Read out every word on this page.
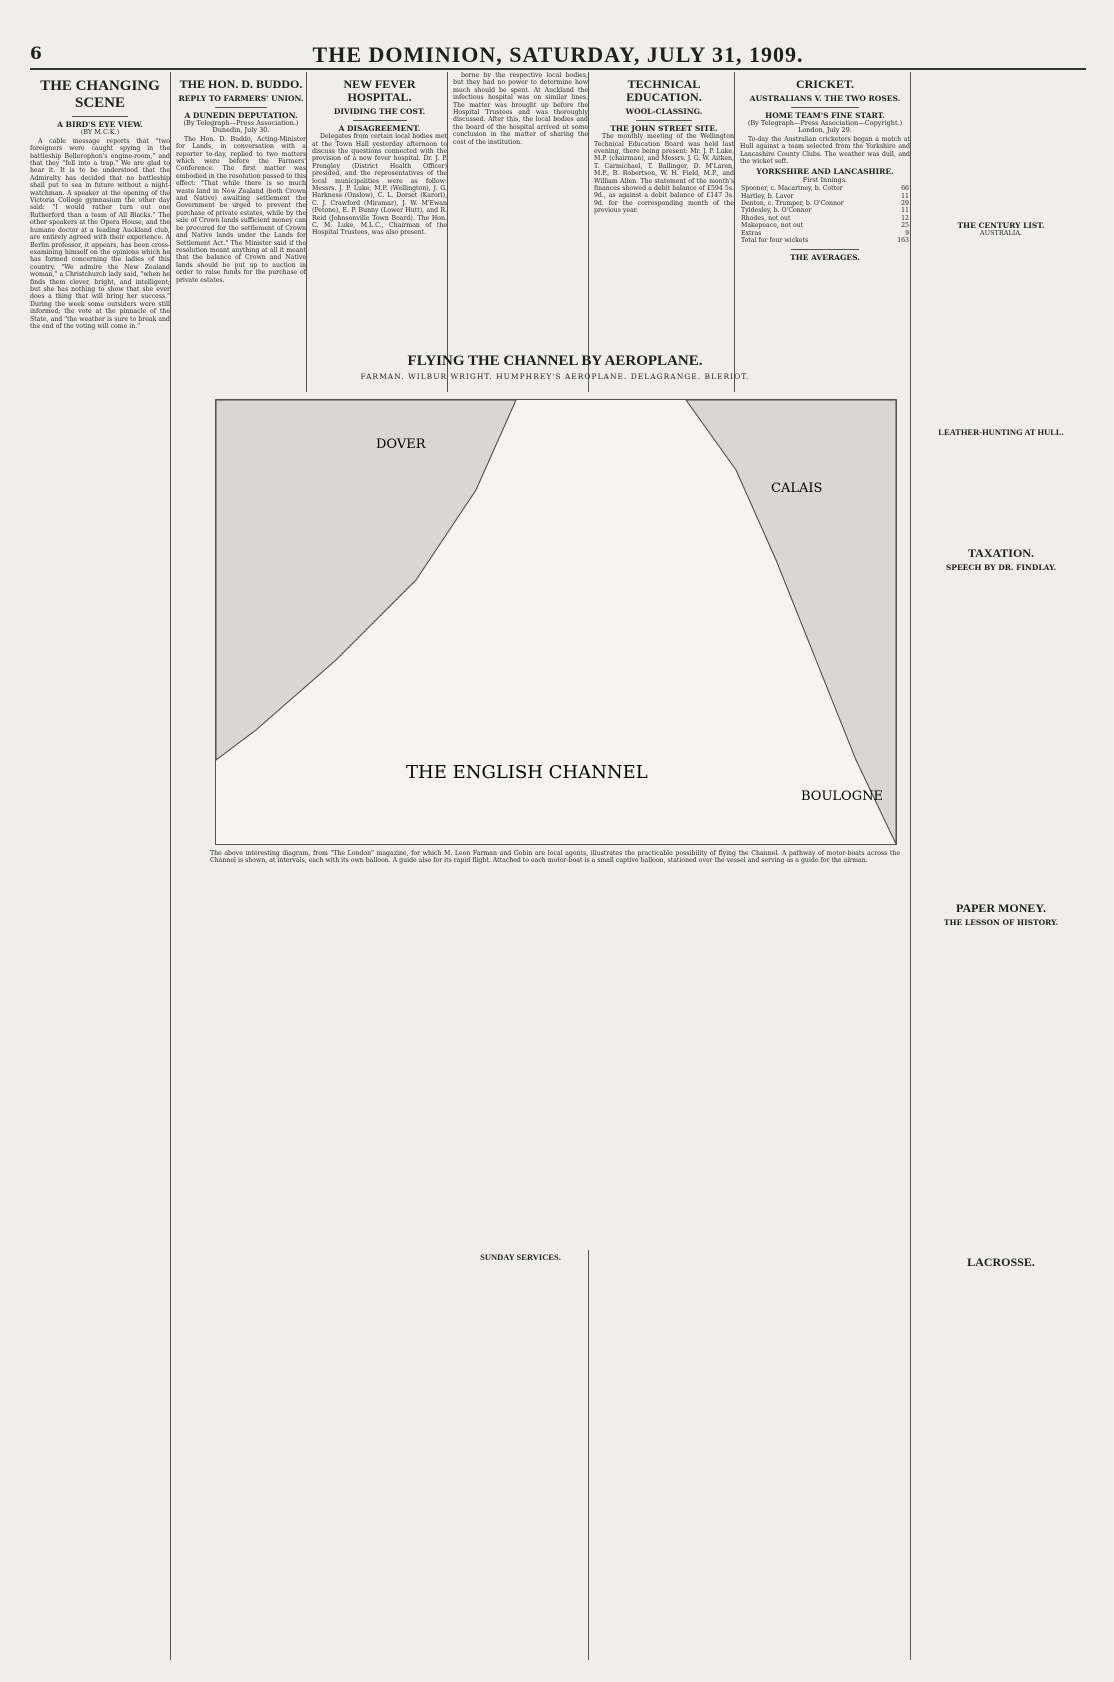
6	THE DOMINION, SATURDAY, JULY 31, 1909.
THE CHANGING SCENE
A BIRD'S EYE VIEW.
(BY M.C.K.)

A cable message reports that "two foreigners were caught spying in the battleship Bellerophon's engine-room," and that they "fell into a trap." We are glad to hear it. It is to be understood that the Admiralty has decided that no battleship shall put to sea in future without a night-watchman. A speaker at the opening of the Victoria College gymnasium the other day said: "I would rather turn out one Rutherford than a team of All Blacks." The other speakers at the Opera House, and the humane doctor at a leading Auckland club, are entirely agreed with their experience. A Berlin professor, it appears, has been cross-examining himself on the opinions which he has formed concerning the ladies of this country. "We admire the New Zealand woman," a Christchurch lady said, "when he finds them clever, bright, and intelligent; but she has nothing to show that she ever does a thing that will bring her success." During the week some outsiders were still informed: the vote at the pinnacle of the State, and "the weather is sure to break and the end of the voting will come in."

THE HON. D. BUDDO.
REPLY TO FARMERS' UNION.
A DUNEDIN DEPUTATION.
(By Telegraph—Press Association.) Dunedin, July 30.

The Hon. D. Buddo, Acting-Minister for Lands, in conversation with a reporter to-day, replied to two matters which were before the Farmers' Conference. The first matter was embodied in the resolution passed to this effect: "That while there is so much waste land in New Zealand (both Crown and Native) awaiting settlement the Government be urged to prevent the purchase of private estates, while by the sale of Crown lands sufficient money can be procured for the settlement of Crown and Native lands under the Lands for Settlement Act." The Minister said if the resolution meant anything at all it meant that the balance of Crown and Native lands should be put up to auction in order to raise funds for the purchase of private estates.

NEW FEVER HOSPITAL.
DIVIDING THE COST.
A DISAGREEMENT.

Delegates from certain local bodies met at the Town Hall yesterday afternoon to discuss the questions connected with the provision of a new fever hospital. Dr. J. P. Frengley (District Health Officer) presided, and the representatives of the local municipalities were as follow: Messrs. J. P. Luke, M.P. (Wellington), J. G. Harkness (Onslow), C. L. Dorset (Karori), C. J. Crawford (Miramar), J. W. M'Ewan (Petone), E. P. Bunny (Lower Hutt), and R. Reid (Johnsonville Town Board). The Hon. C. M. Luke, M.L.C., Chairman of the Hospital Trustees, was also present.

borne by the respective local bodies, but they had no power to determine how much should be spent. At Auckland the infectious hospital was on similar lines. The matter was brought up before the Hospital Trustees and was thoroughly discussed. After this, the local bodies and the board of the hospital arrived at some conclusion in the matter of sharing the cost of the institution.

TECHNICAL EDUCATION.
WOOL-CLASSING.
THE JOHN STREET SITE.

The monthly meeting of the Wellington Technical Education Board was held last evening, there being present: Mr. J. P. Luke, M.P. (chairman), and Messrs. J. G. W. Aitken, T. Carmichael, T. Ballinger, D. M'Laren, M.P., B. Robertson, W. H. Field, M.P., and William Allen. The statement of the month's finances showed a debit balance of £594 5s. 9d., as against a debit balance of £147 3s. 9d. for the corresponding month of the previous year.

CRICKET.
AUSTRALIANS V. THE TWO ROSES.
HOME TEAM'S FINE START.
(By Telegraph—Press Association—Copyright.) London, July 29.

To-day the Australian cricketers began a match at Hull against a team selected from the Yorkshire and Lancashire County Clubs. The weather was dull, and the wicket soft.

YORKSHIRE AND LANCASHIRE.
First Innings.
Spooner, c. Macartney, b. Cotter	66
Hartley, b. Laver	11
Denton, c. Trumper, b. O'Connor	29
Tyldesley, b. O'Connor	11
Rhodes, not out	12
Makepeace, not out	25
Extras	9
Total for four wickets	163
THE AVERAGES.
THE CENTURY LIST.
AUSTRALIA.
LEATHER-HUNTING AT HULL.
TAXATION.
SPEECH BY DR. FINDLAY.
PAPER MONEY.
THE LESSON OF HISTORY.
LACROSSE.
FLYING THE CHANNEL BY AEROPLANE.
FARMAN. WILBUR WRIGHT. HUMPHREY'S AEROPLANE. DELAGRANGE. BLERIOT.
DOVER
CALAIS
BOULOGNE
THE ENGLISH CHANNEL
The above interesting diagram, from "The London" magazine, for which M. Leon Farman and Gobin are local agents, illustrates the practicable possibility of flying the Channel. A pathway of motor-boats across the Channel is shown, at intervals, each with its own balloon. A guide also for its rapid flight. Attached to each motor-boat is a small captive balloon, stationed over the vessel and serving as a guide for the airman.
SUNDAY SERVICES.
